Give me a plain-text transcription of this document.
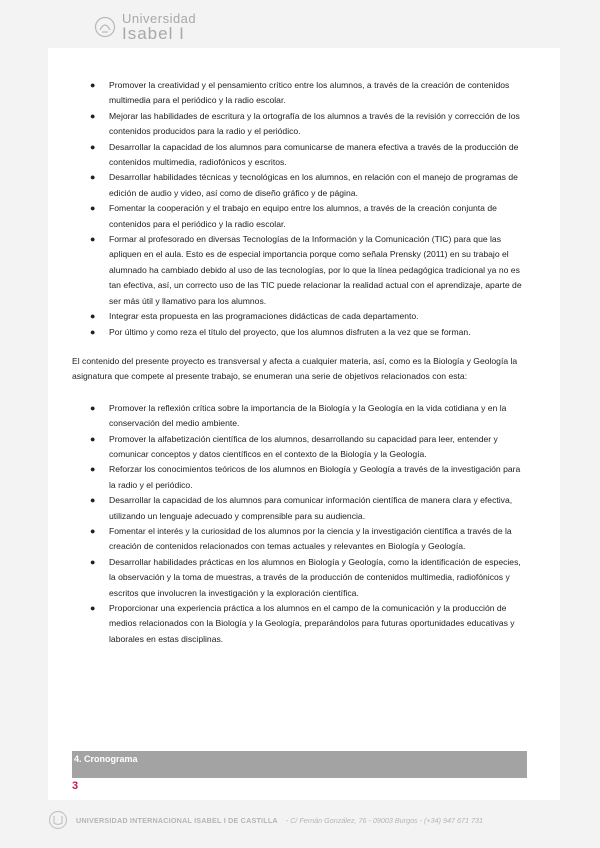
Universidad
Isabel I
● Promover la creatividad y el pensamiento crítico entre los alumnos, a través de la creación de contenidos multimedia para el periódico y la radio escolar.
● Mejorar las habilidades de escritura y la ortografía de los alumnos a través de la revisión y corrección de los contenidos producidos para la radio y el periódico.
● Desarrollar la capacidad de los alumnos para comunicarse de manera efectiva a través de la producción de contenidos multimedia, radiofónicos y escritos.
● Desarrollar habilidades técnicas y tecnológicas en los alumnos, en relación con el manejo de programas de edición de audio y video, así como de diseño gráfico y de página.
● Fomentar la cooperación y el trabajo en equipo entre los alumnos, a través de la creación conjunta de contenidos para el periódico y la radio escolar.
● Formar al profesorado en diversas Tecnologías de la Información y la Comunicación (TIC) para que las apliquen en el aula. Esto es de especial importancia porque como señala Prensky (2011) en su trabajo el alumnado ha cambiado debido al uso de las tecnologías, por lo que la línea pedagógica tradicional ya no es tan efectiva, así, un correcto uso de las TIC puede relacionar la realidad actual con el aprendizaje, aparte de ser más útil y llamativo para los alumnos.
● Integrar esta propuesta en las programaciones didácticas de cada departamento.
● Por último y como reza el título del proyecto, que los alumnos disfruten a la vez que se forman.

El contenido del presente proyecto es transversal y afecta a cualquier materia, así, como es la Biología y Geología la asignatura que compete al presente trabajo, se enumeran una serie de objetivos relacionados con esta:

● Promover la reflexión crítica sobre la importancia de la Biología y la Geología en la vida cotidiana y en la conservación del medio ambiente.
● Promover la alfabetización científica de los alumnos, desarrollando su capacidad para leer, entender y comunicar conceptos y datos científicos en el contexto de la Biología y la Geología.
● Reforzar los conocimientos teóricos de los alumnos en Biología y Geología a través de la investigación para la radio y el periódico.
● Desarrollar la capacidad de los alumnos para comunicar información científica de manera clara y efectiva, utilizando un lenguaje adecuado y comprensible para su audiencia.
● Fomentar el interés y la curiosidad de los alumnos por la ciencia y la investigación científica a través de la creación de contenidos relacionados con temas actuales y relevantes en Biología y Geología.
● Desarrollar habilidades prácticas en los alumnos en Biología y Geología, como la identificación de especies, la observación y la toma de muestras, a través de la producción de contenidos multimedia, radiofónicos y escritos que involucren la investigación y la exploración científica.
● Proporcionar una experiencia práctica a los alumnos en el campo de la comunicación y la producción de medios relacionados con la Biología y la Geología, preparándolos para futuras oportunidades educativas y laborales en estas disciplinas.
4. Cronograma
3
UNIVERSIDAD INTERNACIONAL ISABEL I DE CASTILLA - C/ Fernán González, 76 - 09003 Burgos - (+34) 947 671 731
